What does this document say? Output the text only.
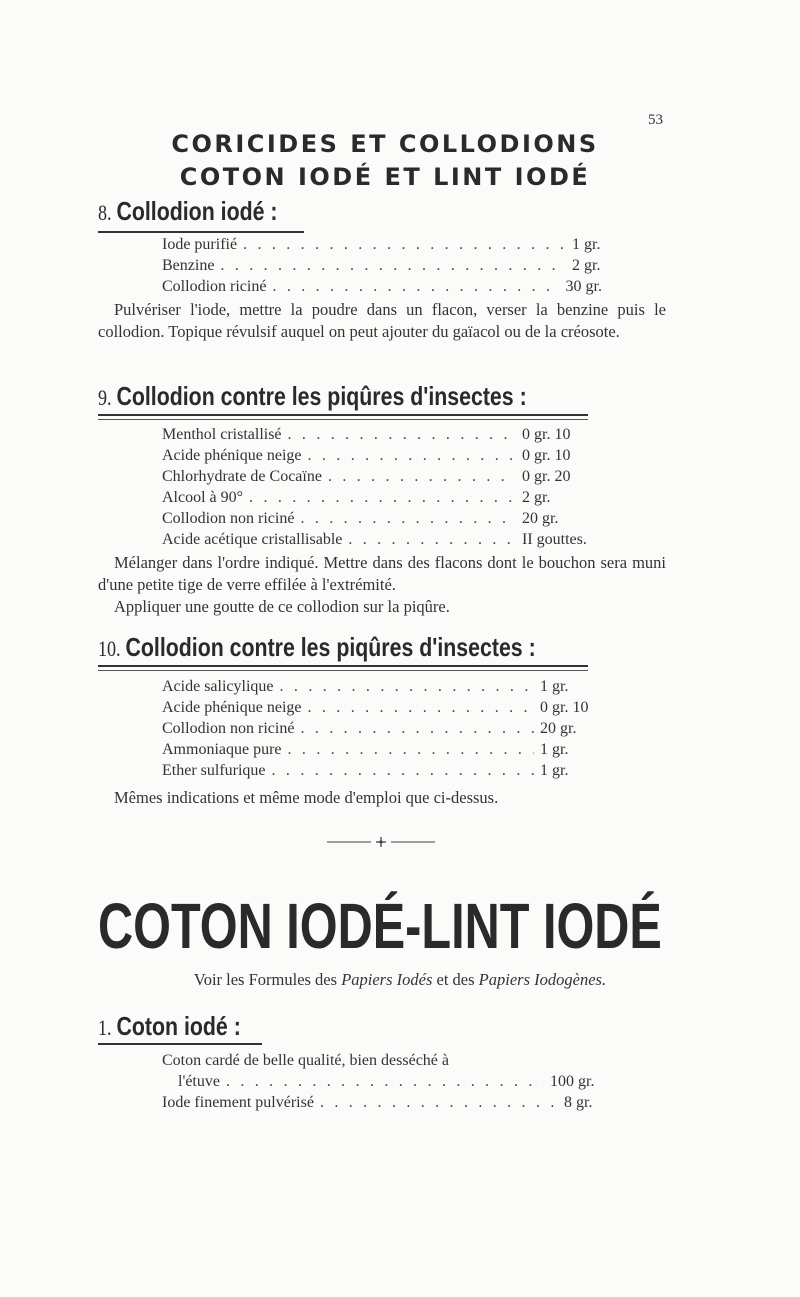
53
CORICIDES ET COLLODIONS
COTON IODÉ ET LINT IODÉ
8. Collodion iodé :
Iode purifié . . .	1 gr.
Benzine . . .	2 gr.
Collodion riciné . . .	30 gr.
Pulvériser l'iode, mettre la poudre dans un flacon, verser la benzine puis le collodion. Topique révulsif auquel on peut ajouter du gaïacol ou de la créosote.
9. Collodion contre les piqûres d'insectes :
Menthol cristallisé . . .	0 gr. 10
Acide phénique neige . . .	0 gr. 10
Chlorhydrate de Cocaïne . . .	0 gr. 20
Alcool à 90° . . .	2 gr.
Collodion non riciné . . .	20 gr.
Acide acétique cristallisable . . .	II gouttes.
Mélanger dans l'ordre indiqué. Mettre dans des flacons dont le bouchon sera muni d'une petite tige de verre effilée à l'extrémité.
Appliquer une goutte de ce collodion sur la piqûre.
10. Collodion contre les piqûres d'insectes :
Acide salicylique . . .	1 gr.
Acide phénique neige . . .	0 gr. 10
Collodion non riciné . . .	20 gr.
Ammoniaque pure . . .	1 gr.
Ether sulfurique . . .	1 gr.
Mêmes indications et même mode d'emploi que ci-dessus.
COTON IODÉ-LINT IODÉ
Voir les Formules des Papiers Iodés et des Papiers Iodogènes.
1. Coton iodé :
Coton cardé de belle qualité, bien desséché à
l'étuve . . .	100 gr.
Iode finement pulvérisé . . .	8 gr.
